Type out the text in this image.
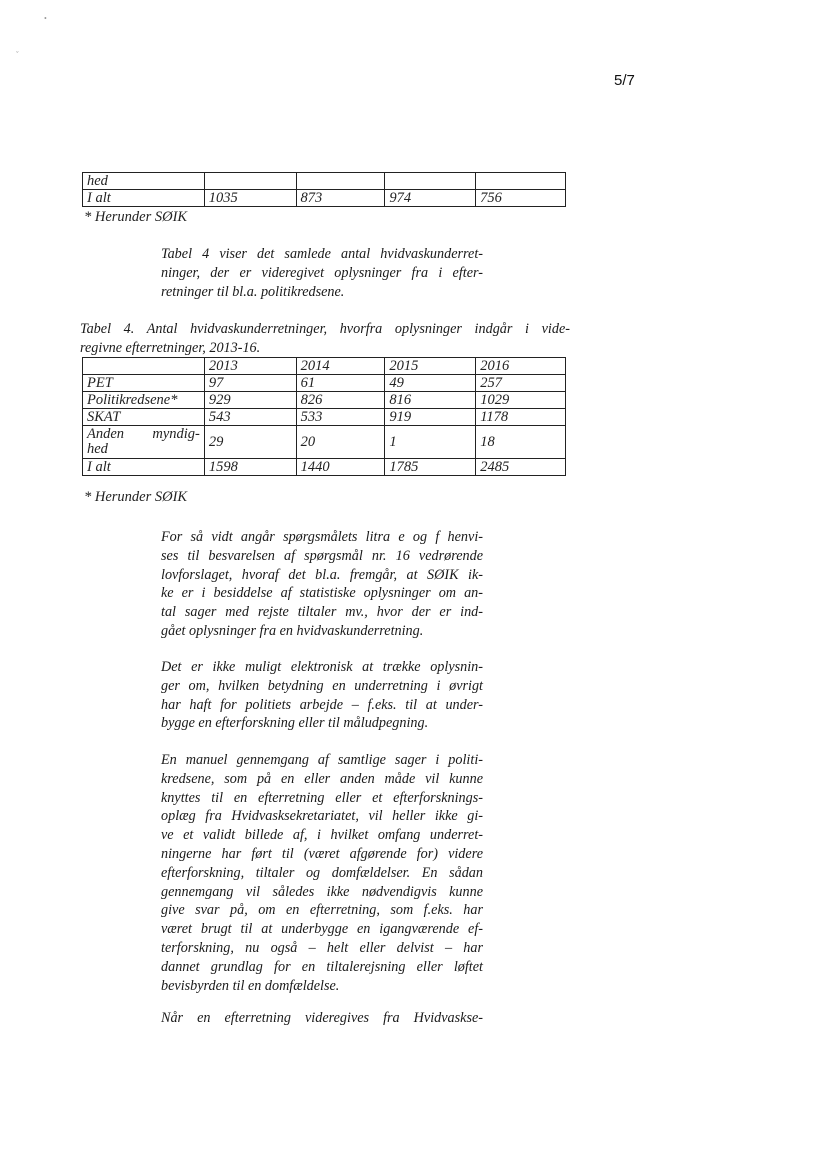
•
ˇ
5/7
hed				
I alt	1035	873	974	756
* Herunder SØIK
Tabel 4 viser det samlede antal hvidvaskunderret-
ninger, der er videregivet oplysninger fra i efter-
retninger til bl.a. politikredsene.
Tabel 4. Antal hvidvaskunderretninger, hvorfra oplysninger indgår i vide-
regivne efterretninger, 2013-16.
	2013	2014	2015	2016
PET	97	61	49	257
Politikredsene*	929	826	816	1029
SKAT	543	533	919	1178

Anden myndig-
hed	29	20	1	18
I alt	1598	1440	1785	2485
* Herunder SØIK
For så vidt angår spørgsmålets litra e og f henvi-
ses til besvarelsen af spørgsmål nr. 16 vedrørende
lovforslaget, hvoraf det bl.a. fremgår, at SØIK ik-
ke er i besiddelse af statistiske oplysninger om an-
tal sager med rejste tiltaler mv., hvor der er ind-
gået oplysninger fra en hvidvaskunderretning.
Det er ikke muligt elektronisk at trække oplysnin-
ger om, hvilken betydning en underretning i øvrigt
har haft for politiets arbejde – f.eks. til at under-
bygge en efterforskning eller til måludpegning.
En manuel gennemgang af samtlige sager i politi-
kredsene, som på en eller anden måde vil kunne
knyttes til en efterretning eller et efterforsknings-
oplæg fra Hvidvasksekretariatet, vil heller ikke gi-
ve et validt billede af, i hvilket omfang underret-
ningerne har ført til (været afgørende for) videre
efterforskning, tiltaler og domfældelser. En sådan
gennemgang vil således ikke nødvendigvis kunne
give svar på, om en efterretning, som f.eks. har
været brugt til at underbygge en igangværende ef-
terforskning, nu også – helt eller delvist – har
dannet grundlag for en tiltalerejsning eller løftet
bevisbyrden til en domfældelse.
Når en efterretning videregives fra Hvidvaskse-
